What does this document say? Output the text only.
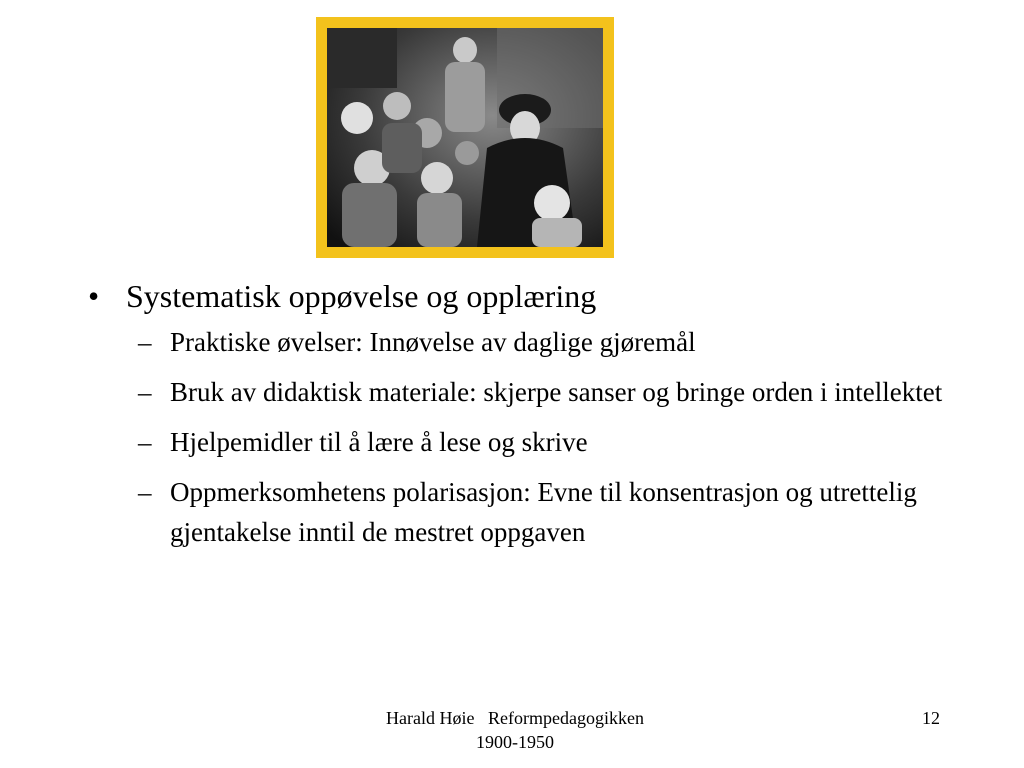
• Systematisk oppøvelse og opplæring
– Praktiske øvelser: Innøvelse av daglige gjøremål
– Bruk av didaktisk materiale: skjerpe sanser og bringe orden i intellektet
– Hjelpemidler til å lære å lese og skrive
– Oppmerksomhetens polarisasjon: Evne til konsentrasjon og utrettelig gjentakelse inntil de mestret oppgaven
Harald Høie   Reformpedagogikken
1900-1950
12
